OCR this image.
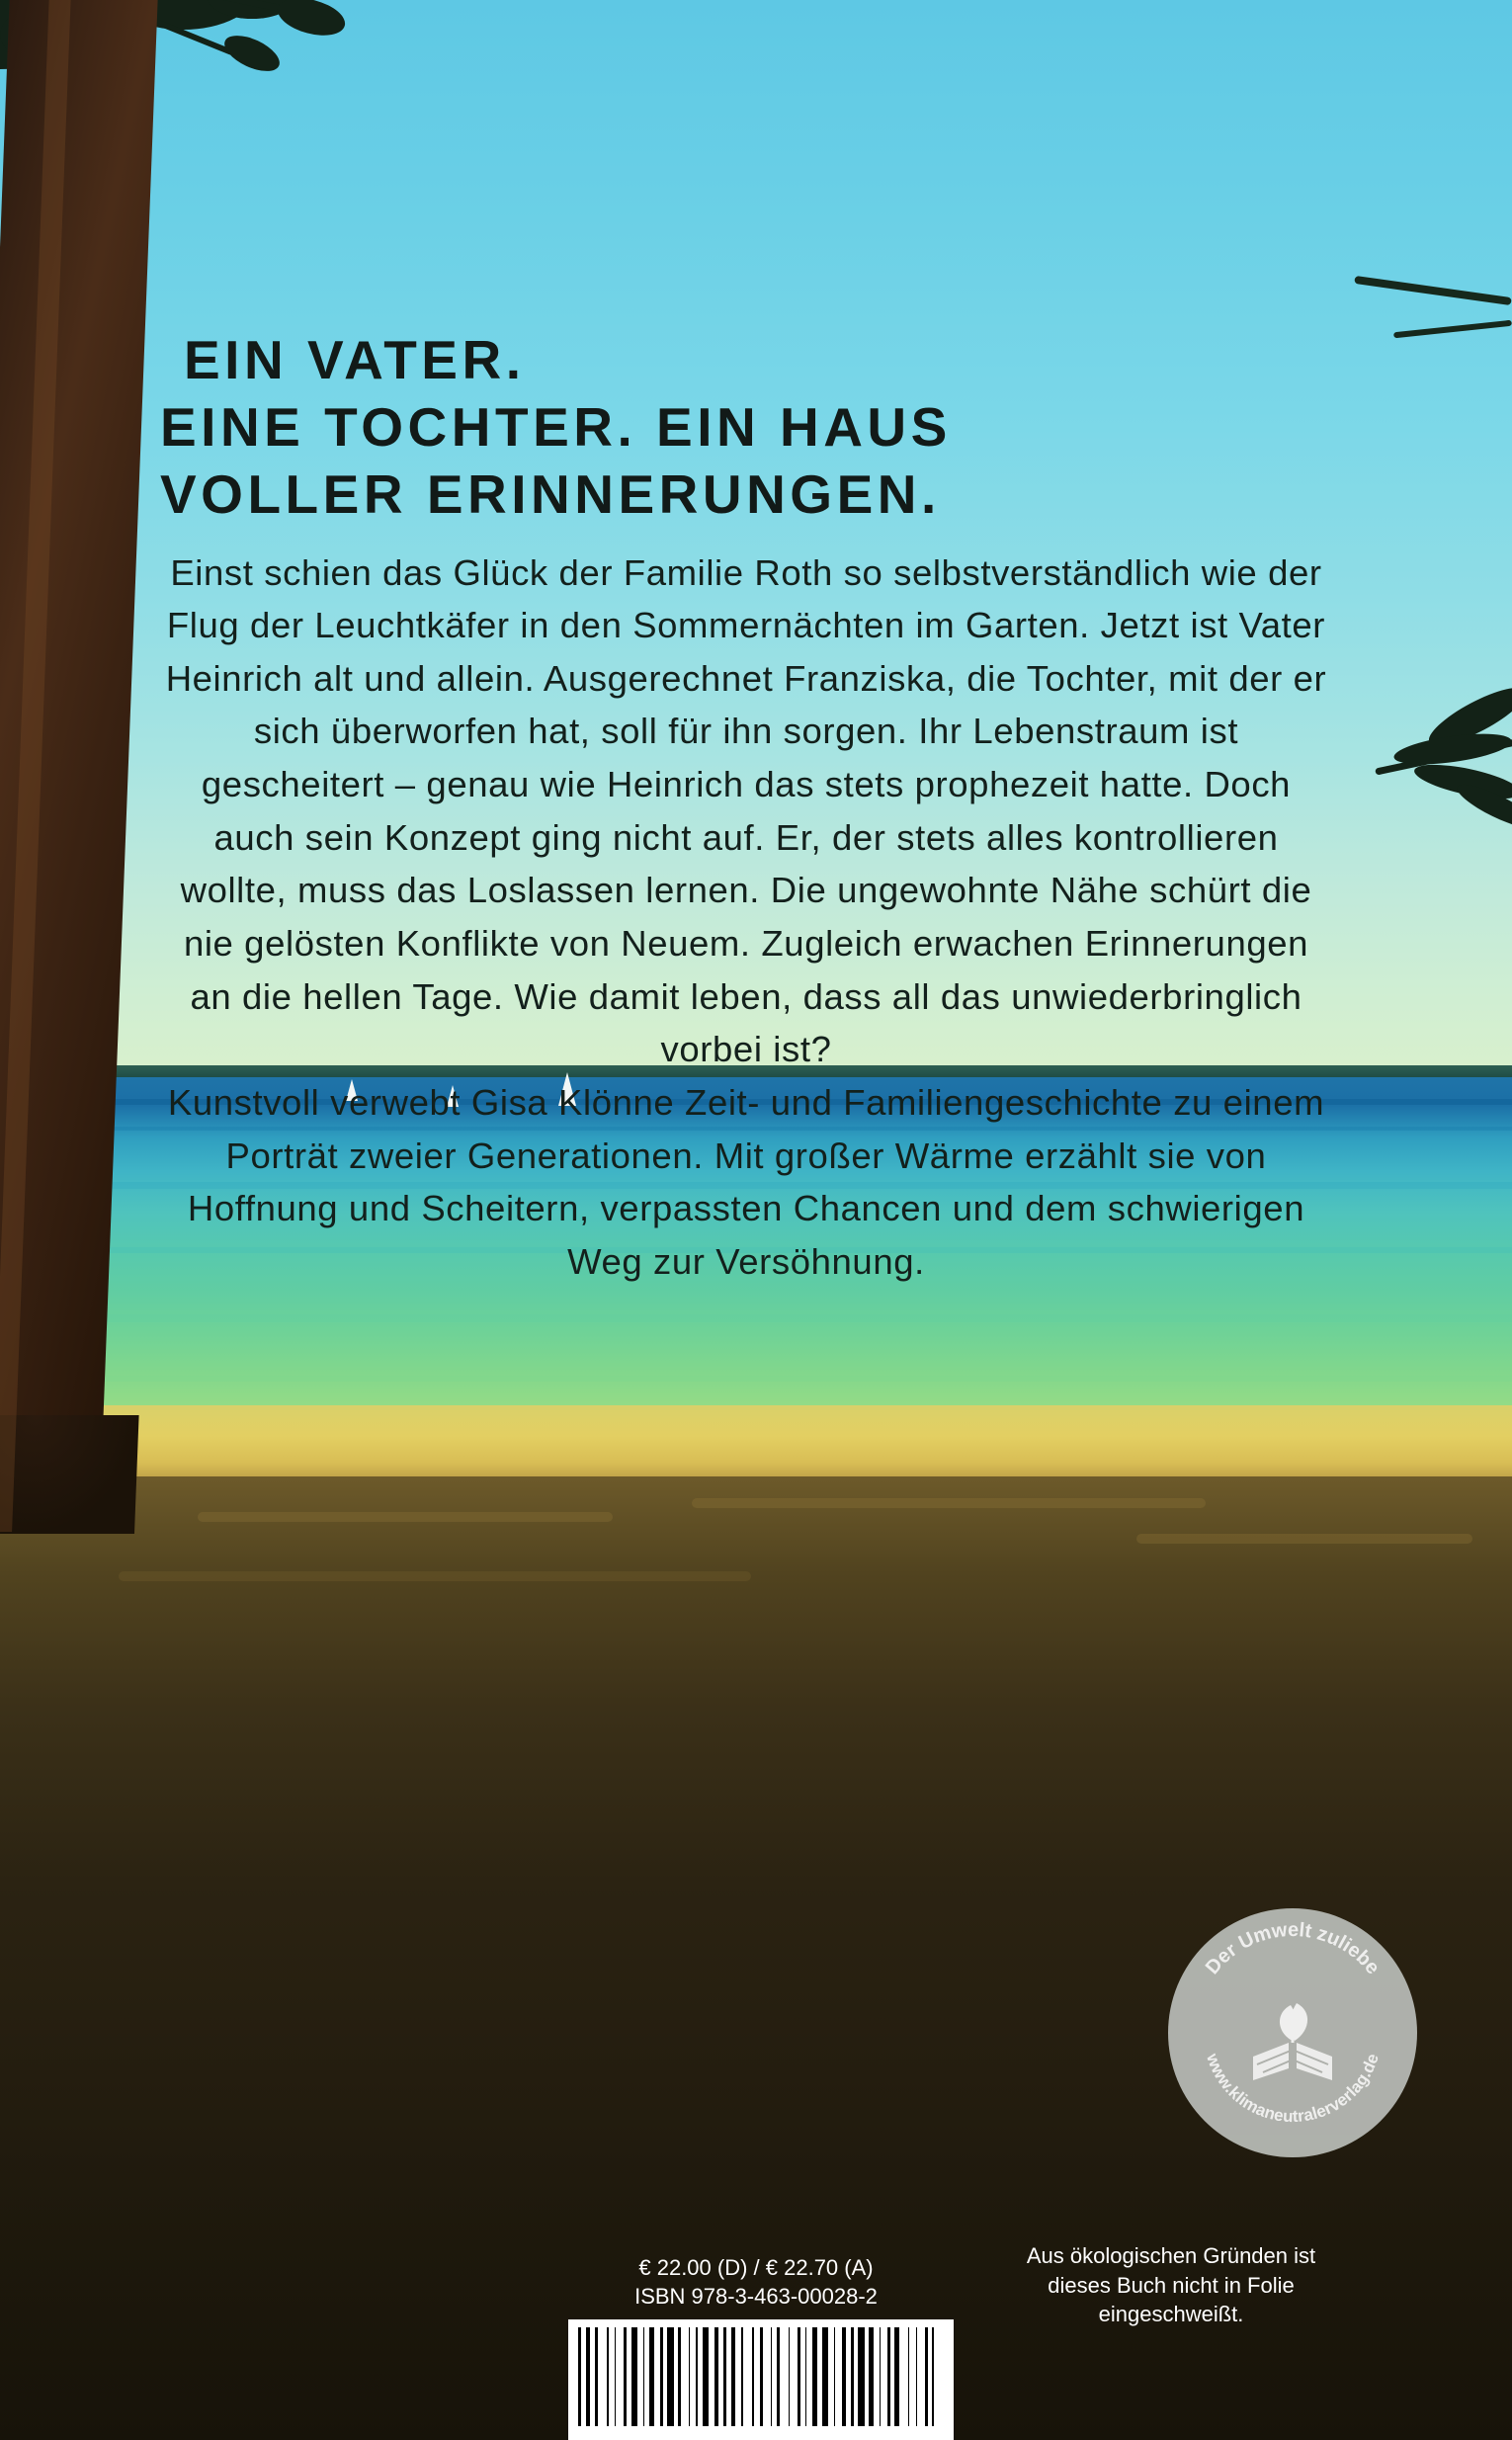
EIN VATER.
EINE TOCHTER. EIN HAUS
VOLLER ERINNERUNGEN.

Einst schien das Glück der Familie Roth so selbstverständlich wie der Flug der Leuchtkäfer in den Sommernächten im Garten. Jetzt ist Vater Heinrich alt und allein. Ausgerechnet Franziska, die Tochter, mit der er sich überworfen hat, soll für ihn sorgen. Ihr Lebenstraum ist gescheitert – genau wie Heinrich das stets prophezeit hatte. Doch auch sein Konzept ging nicht auf. Er, der stets alles kontrollieren wollte, muss das Loslassen lernen. Die ungewohnte Nähe schürt die nie gelösten Konflikte von Neuem. Zugleich erwachen Erinnerungen an die hellen Tage. Wie damit leben, dass all das unwiederbringlich vorbei ist?

Kunstvoll verwebt Gisa Klönne Zeit- und Familiengeschichte zu einem Porträt zweier Generationen. Mit großer Wärme erzählt sie von Hoffnung und Scheitern, verpassten Chancen und dem schwierigen Weg zur Versöhnung.

Der Umwelt zuliebe
www.klimaneutralerverlag.de
€ 22.00 (D) / € 22.70 (A)
ISBN 978-3-463-00028-2
Aus ökologischen Gründen ist dieses Buch nicht in Folie eingeschweißt.
